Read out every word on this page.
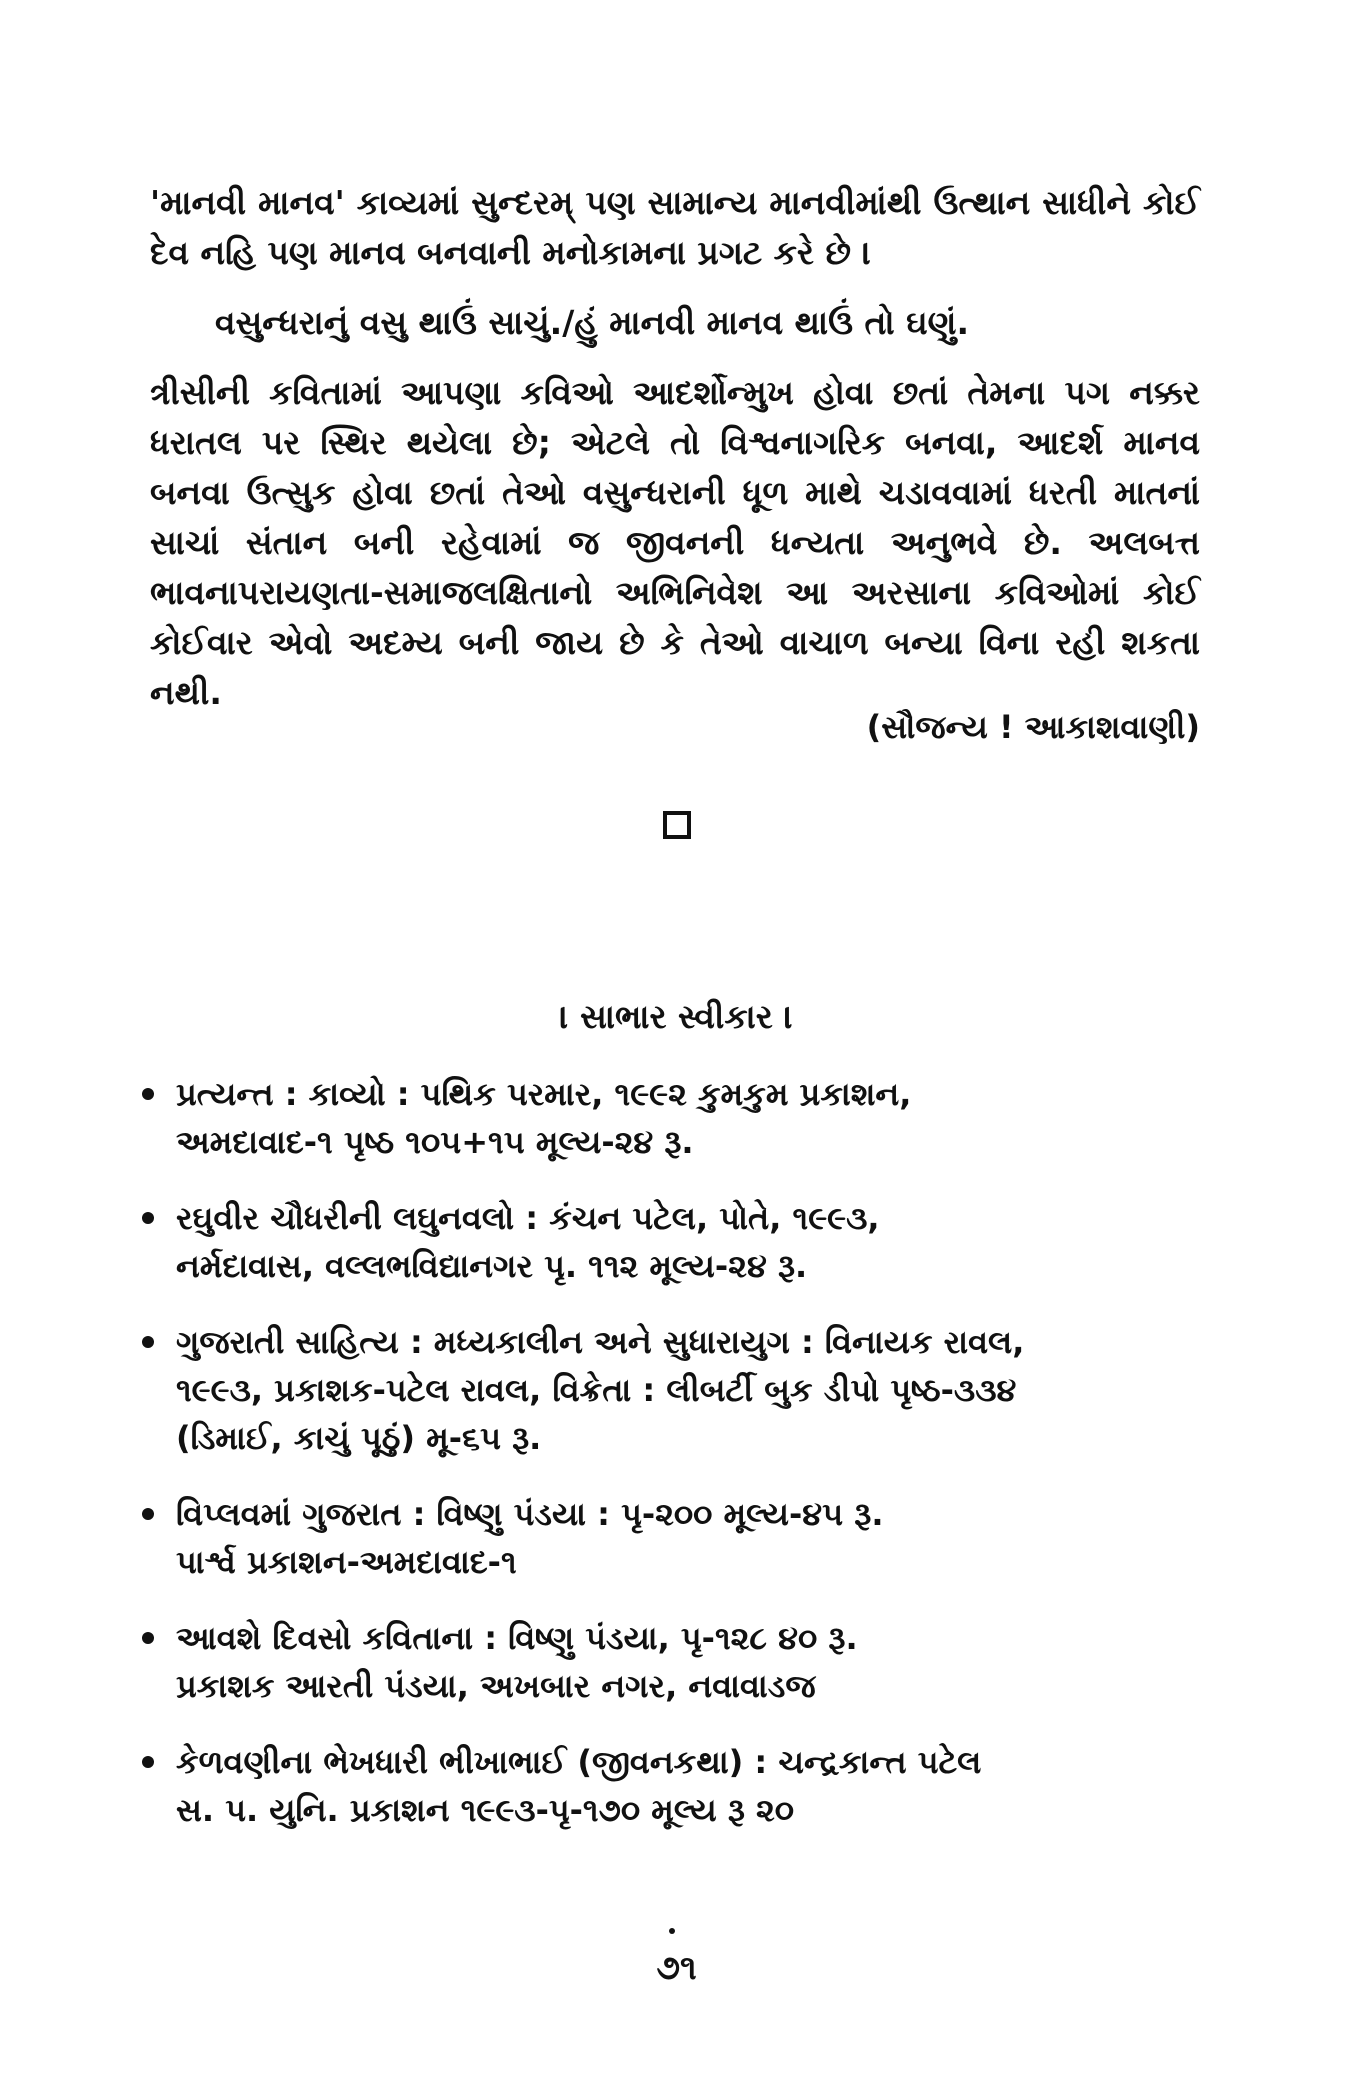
'માનવી માનવ' કાવ્યમાં સુન્દરમ્ પણ સામાન્ય માનવીમાંથી ઉત્થાન સાધીને કોઈ દેવ નહિ પણ માનવ બનવાની મનોકામના પ્રગટ કરે છે ।

વસુન્ધરાનું વસુ થાઉં સાચું./હું માનવી માનવ થાઉં તો ઘણું.

ત્રીસીની કવિતામાં આપણા કવિઓ આદર્શોન્મુખ હોવા છતાં તેમના પગ નક્કર ધરાતલ પર સ્થિર થયેલા છે; એટલે તો વિશ્વનાગરિક બનવા, આદર્શ માનવ બનવા ઉત્સુક હોવા છતાં તેઓ વસુન્ધરાની ધૂળ માથે ચડાવવામાં ધરતી માતનાં સાચાં સંતાન બની રહેવામાં જ જીવનની ધન્યતા અનુભવે છે. અલબત્ત ભાવનાપરાયણતા-સમાજલક્ષિતાનો અભિનિવેશ આ અરસાના કવિઓમાં કોઈ કોઈવાર એવો અદમ્ય બની જાય છે કે તેઓ વાચાળ બન્યા વિના રહી શકતા નથી.

(સૌજન્ય ! આકાશવાણી)
। સાભાર સ્વીકાર ।
પ્રત્યન્ત : કાવ્યો : પથિક પરમાર, ૧૯૯૨ કુમકુમ પ્રકાશન,
અમદાવાદ-૧ પૃષ્ઠ ૧૦૫+૧૫ મૂલ્ય-૨૪ રૂ.
રઘુવીર ચૌધરીની લઘુનવલો : કંચન પટેલ, પોતે, ૧૯૯૩,
નર્મદાવાસ, વલ્લભવિદ્યાનગર પૃ. ૧૧૨ મૂલ્ય-૨૪ રૂ.
ગુજરાતી સાહિત્ય : મધ્યકાલીન અને સુધારાયુગ : વિનાયક રાવલ,
૧૯૯૩, પ્રકાશક-પટેલ રાવલ, વિક્રેતા : લીબર્ટી બુક ડીપો પૃષ્ઠ-૩૩૪
(ડિમાઈ, કાચું પૂઠું) મૂ-૬૫ રૂ.
વિપ્લવમાં ગુજરાત : વિષ્ણુ પંડયા : પૃ-૨૦૦ મૂલ્ય-૪૫ રૂ.
પાર્શ્વ પ્રકાશન-અમદાવાદ-૧
આવશે દિવસો કવિતાના : વિષ્ણુ પંડયા, પૃ-૧૨૮ ૪૦ રૂ.
પ્રકાશક આરતી પંડયા, અખબાર નગર, નવાવાડજ
કેળવણીના ભેખધારી ભીખાભાઈ (જીવનકથા) : ચન્દ્રકાન્ત પટેલ
સ. પ. યુનિ. પ્રકાશન ૧૯૯૩-પૃ-૧૭૦ મૂલ્ય રૂ ૨૦
૭૧
